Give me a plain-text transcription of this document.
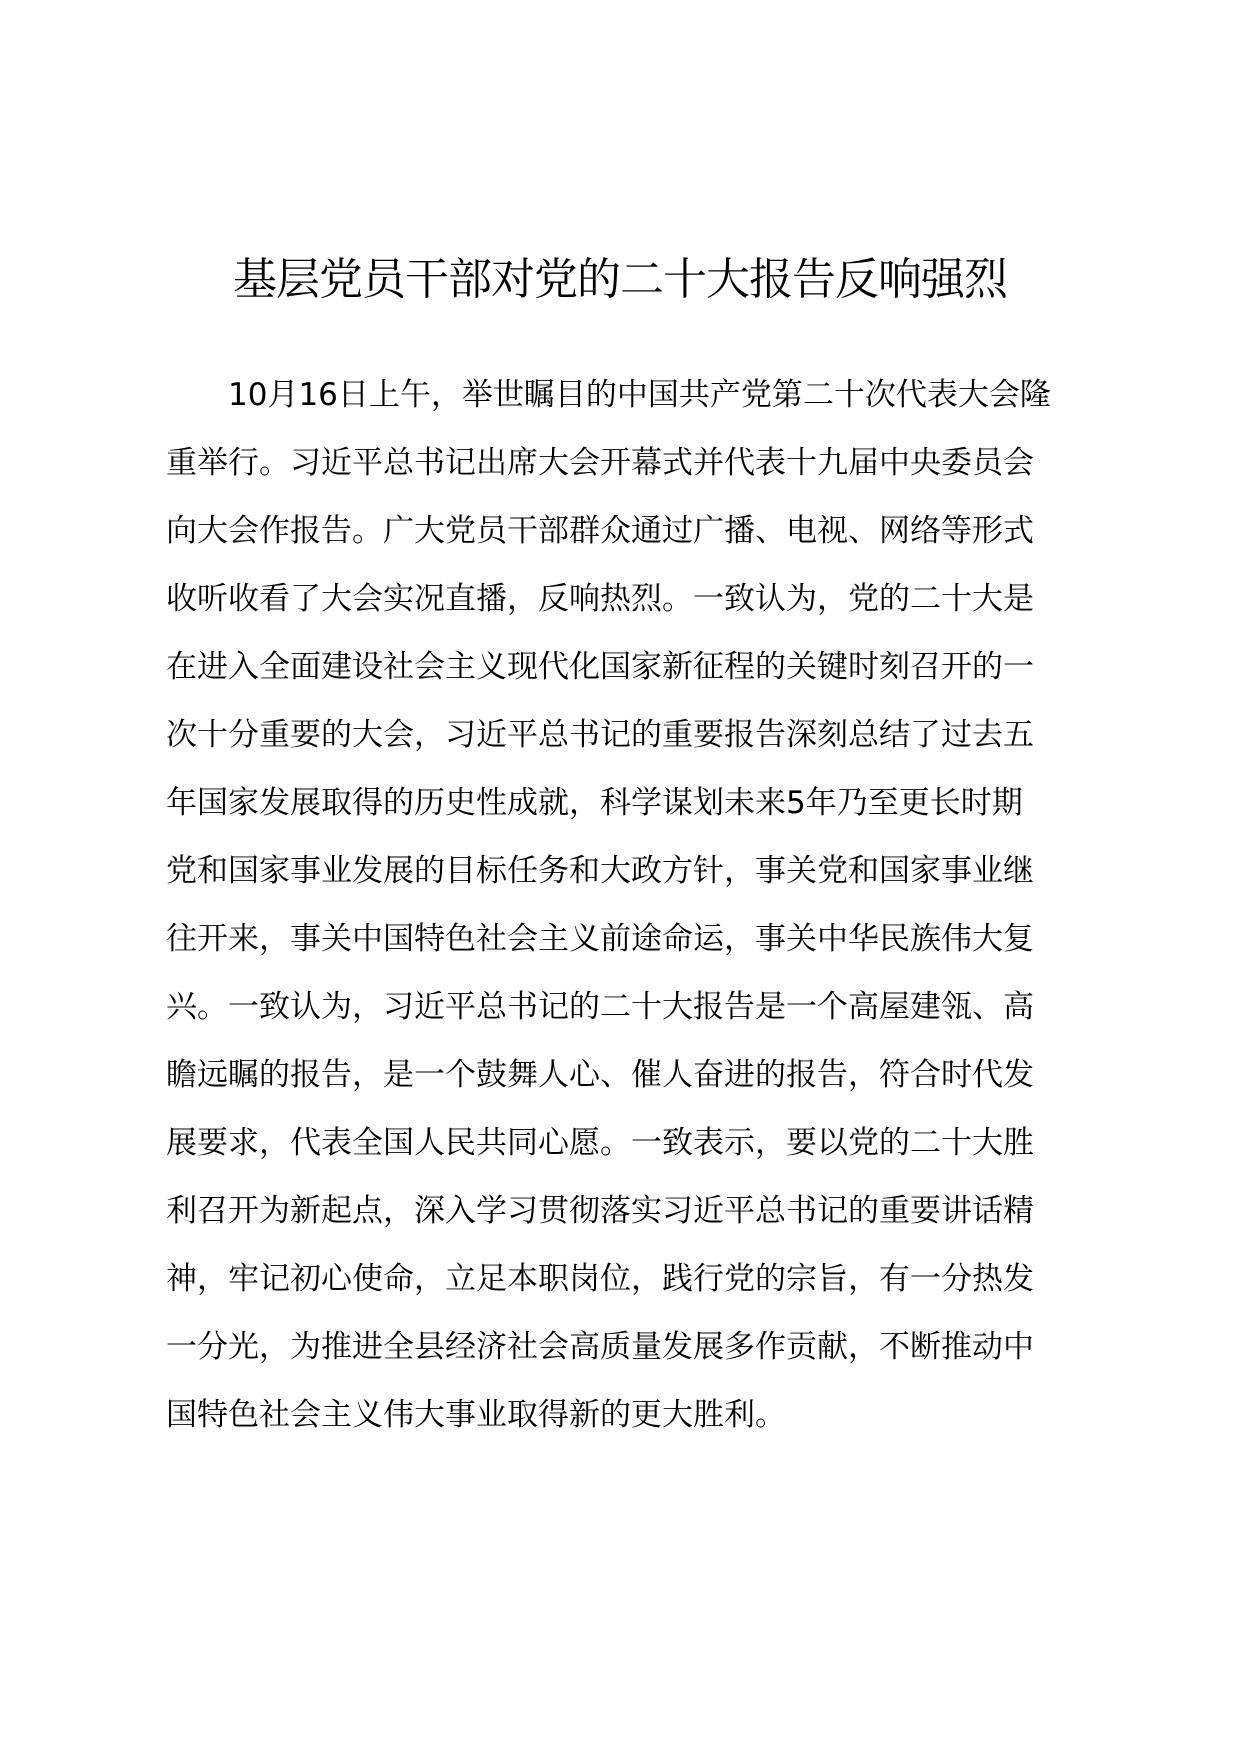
基层党员干部对党的二十大报告反响强烈
10月16日上午，举世瞩目的中国共产党第二十次代表大会隆
重举行。习近平总书记出席大会开幕式并代表十九届中央委员会
向大会作报告。广大党员干部群众通过广播、电视、网络等形式
收听收看了大会实况直播，反响热烈。一致认为，党的二十大是
在进入全面建设社会主义现代化国家新征程的关键时刻召开的一
次十分重要的大会，习近平总书记的重要报告深刻总结了过去五
年国家发展取得的历史性成就，科学谋划未来5年乃至更长时期
党和国家事业发展的目标任务和大政方针，事关党和国家事业继
往开来，事关中国特色社会主义前途命运，事关中华民族伟大复
兴。一致认为，习近平总书记的二十大报告是一个高屋建瓴、高
瞻远瞩的报告，是一个鼓舞人心、催人奋进的报告，符合时代发
展要求，代表全国人民共同心愿。一致表示，要以党的二十大胜
利召开为新起点，深入学习贯彻落实习近平总书记的重要讲话精
神，牢记初心使命，立足本职岗位，践行党的宗旨，有一分热发
一分光，为推进全县经济社会高质量发展多作贡献，不断推动中
国特色社会主义伟大事业取得新的更大胜利。
